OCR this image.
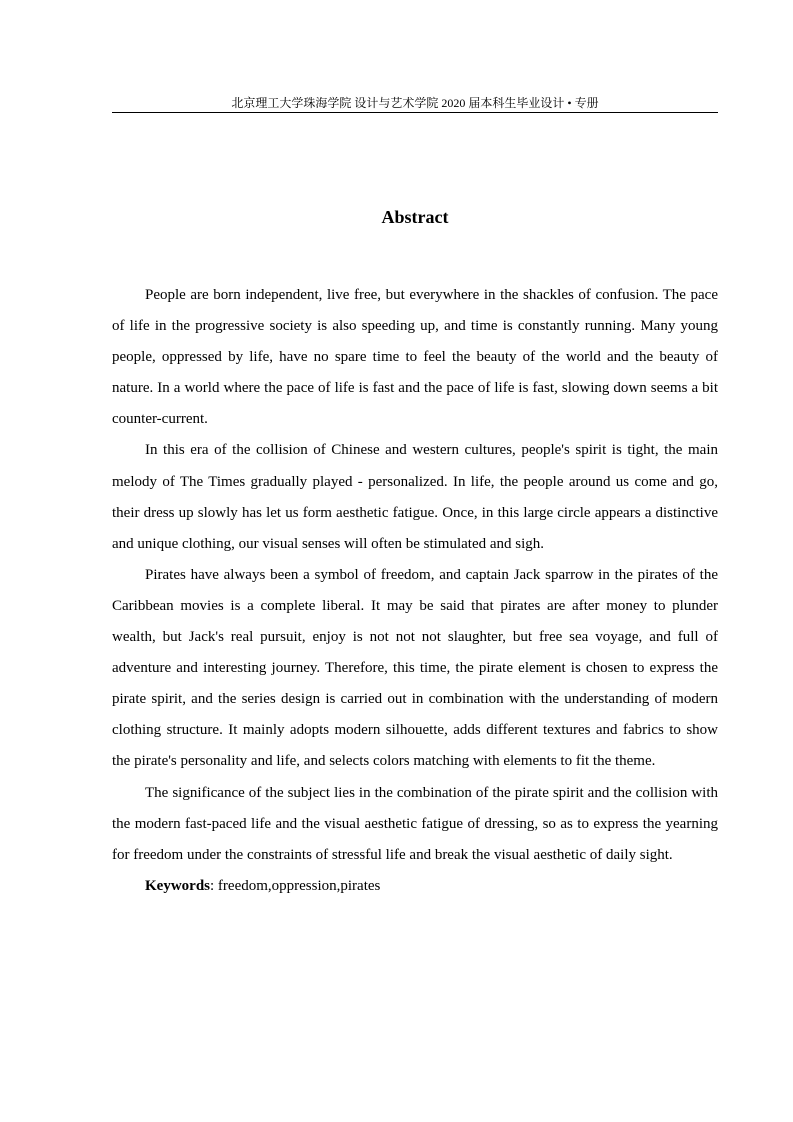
北京理工大学珠海学院 设计与艺术学院 2020 届本科生毕业设计 • 专册
Abstract

People are born independent, live free, but everywhere in the shackles of confusion. The pace of life in the progressive society is also speeding up, and time is constantly running. Many young people, oppressed by life, have no spare time to feel the beauty of the world and the beauty of nature. In a world where the pace of life is fast and the pace of life is fast, slowing down seems a bit counter-current.

In this era of the collision of Chinese and western cultures, people's spirit is tight, the main melody of The Times gradually played - personalized. In life, the people around us come and go, their dress up slowly has let us form aesthetic fatigue. Once, in this large circle appears a distinctive and unique clothing, our visual senses will often be stimulated and sigh.

Pirates have always been a symbol of freedom, and captain Jack sparrow in the pirates of the Caribbean movies is a complete liberal. It may be said that pirates are after money to plunder wealth, but Jack's real pursuit, enjoy is not not not slaughter, but free sea voyage, and full of adventure and interesting journey. Therefore, this time, the pirate element is chosen to express the pirate spirit, and the series design is carried out in combination with the understanding of modern clothing structure. It mainly adopts modern silhouette, adds different textures and fabrics to show the pirate's personality and life, and selects colors matching with elements to fit the theme.

The significance of the subject lies in the combination of the pirate spirit and the collision with the modern fast-paced life and the visual aesthetic fatigue of dressing, so as to express the yearning for freedom under the constraints of stressful life and break the visual aesthetic of daily sight.

Keywords: freedom,oppression,pirates
